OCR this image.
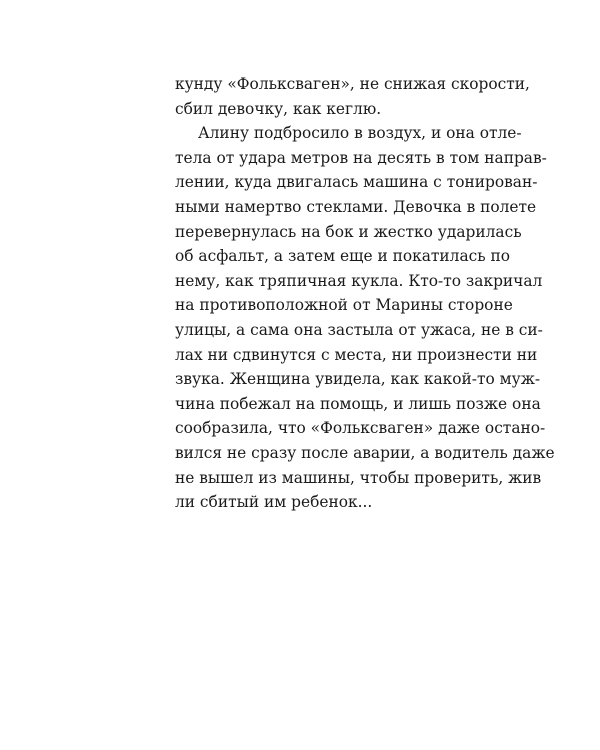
кунду «Фольксваген», не снижая скорости,
сбил девочку, как кеглю.
Алину подбросило в воздух, и она отле-
тела от удара метров на десять в том направ-
лении, куда двигалась машина с тонирован-
ными намертво стеклами. Девочка в полете
перевернулась на бок и жестко ударилась
об асфальт, а затем еще и покатилась по
нему, как тряпичная кукла. Кто-то закричал
на противоположной от Марины стороне
улицы, а сама она застыла от ужаса, не в си-
лах ни сдвинутся с места, ни произнести ни
звука. Женщина увидела, как какой-то муж-
чина побежал на помощь, и лишь позже она
сообразила, что «Фольксваген» даже остано-
вился не сразу после аварии, а водитель даже
не вышел из машины, чтобы проверить, жив
ли сбитый им ребенок...
